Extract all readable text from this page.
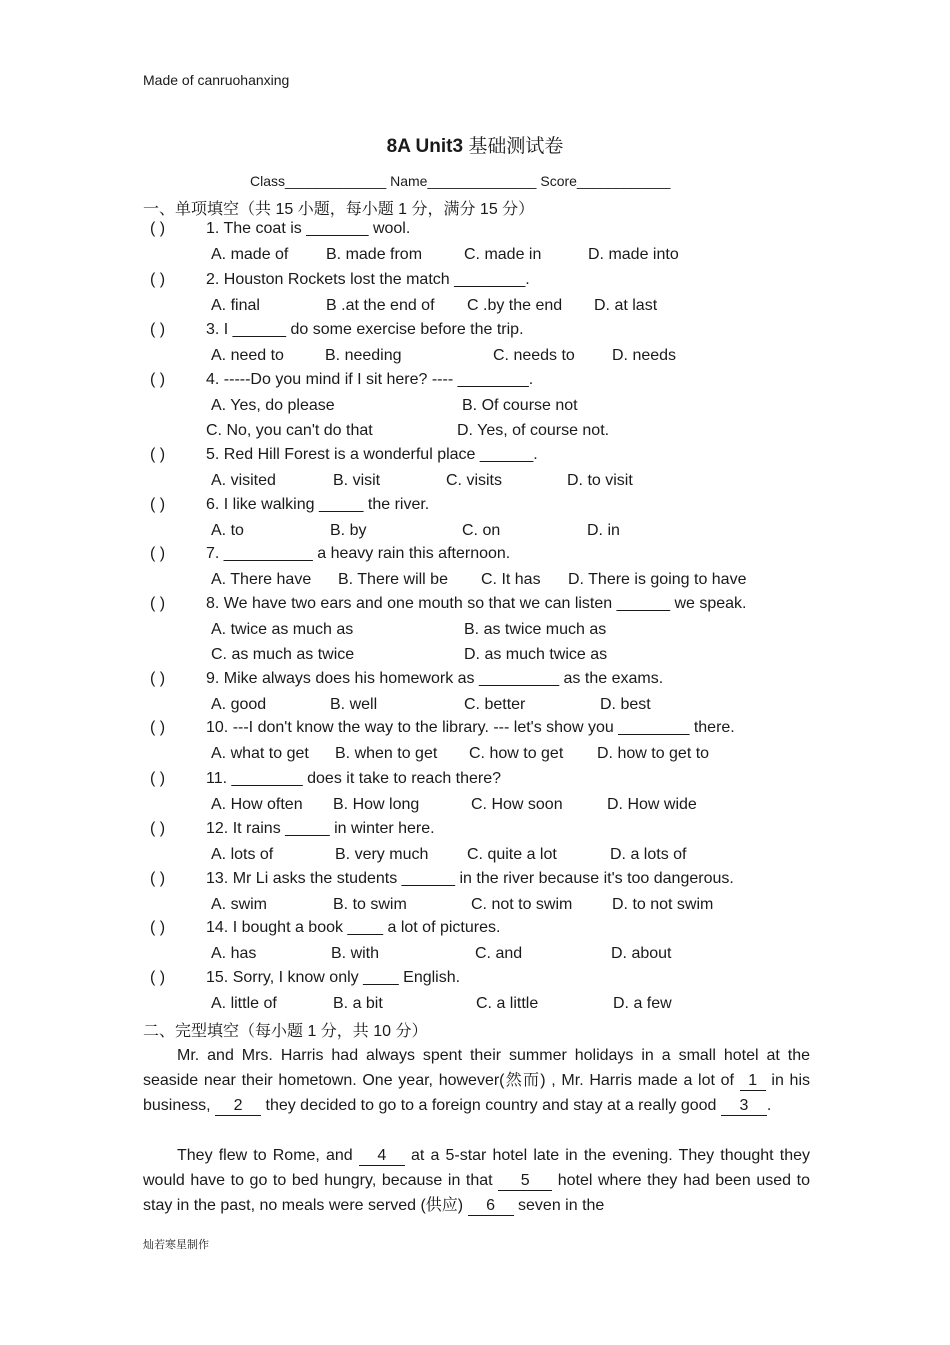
Made of canruohanxing
8A Unit3 基础测试卷
Class_____________ Name______________ Score____________
一、单项填空（共 15 小题，每小题 1 分，满分 15 分）
( )	1. The coat is _______ wool.
A. made of B. made from	C. made in	D. made into
( )	2. Houston Rockets lost the match ________.
A. final	B .at the end of C .by the end D. at last
( )	3. I ______ do some exercise before the trip.
A. need to	B. needing	C. needs to D. needs
( )	4. -----Do you mind if I sit here? ---- ________.
A. Yes, do please	B. Of course not
C. No, you can't do that	D. Yes, of course not.
( )	5. Red Hill Forest is a wonderful place ______.
A. visited	B. visit	C. visits	D. to visit
( )	6. I like walking _____ the river.
A. to	B. by	C. on	D. in
( )	7. __________ a heavy rain this afternoon.
A. There have B. There will be C. It has D. There is going to have
( )	8. We have two ears and one mouth so that we can listen ______ we speak.
A. twice as much as	B. as twice much as
C. as much as twice	D. as much twice as
( )	9. Mike always does his homework as _________ as the exams.
A. good	B. well	C. better	D. best
( )	10. ---I don't know the way to the library. --- let's show you ________ there.
A. what to get B. when to get C. how to get D. how to get to
( )	11. ________ does it take to reach there?
A. How often B. How long	C. How soon	D. How wide
( )	12. It rains _____ in winter here.
A. lots of	B. very much C. quite a lot	D. a lots of
( )	13. Mr Li asks the students ______ in the river because it's too dangerous.
A. swim	B. to swim	C. not to swim D. to not swim
( )	14. I bought a book ____ a lot of pictures.
A. has	B. with	C. and	D. about
( )	15. Sorry, I know only ____ English.
A. little of	B. a bit	C. a little	D. a few
二、完型填空（每小题 1 分，共 10 分）
Mr. and Mrs. Harris had always spent their summer holidays in a small hotel at the seaside near their hometown. One year, however(然而) , Mr. Harris made a lot of 1 in his business, 2 they decided to go to a foreign country and stay at a really good 3 .
They flew to Rome, and 4 at a 5-star hotel late in the evening. They thought they would have to go to bed hungry, because in that 5 hotel where they had been used to stay in the past, no meals were served (供应) 6 seven in the
灿若寒星制作
